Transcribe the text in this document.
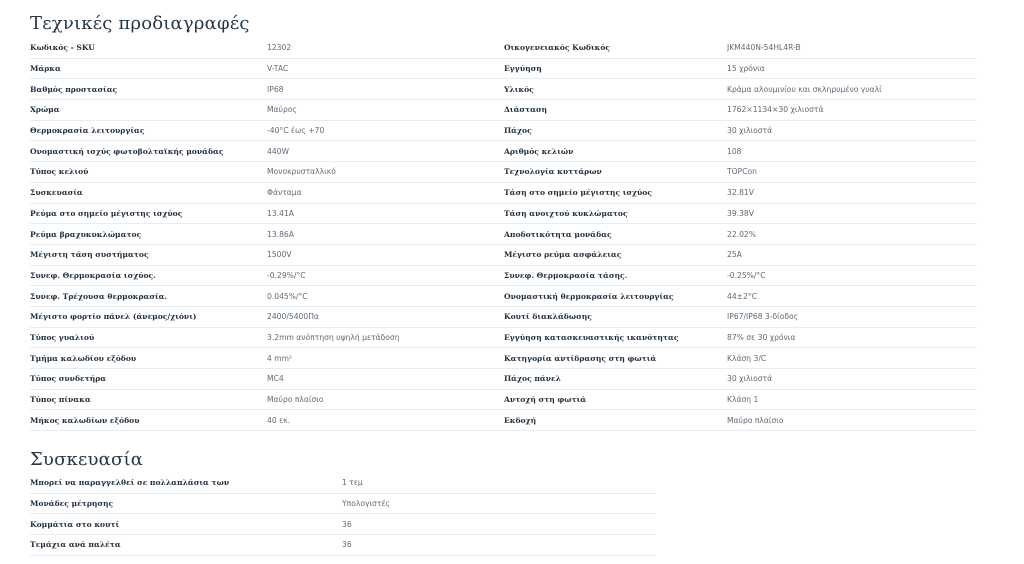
Τεχνικές προδιαγραφές
Κωδικός - SKU	12302	Οικογενειακός Κωδικός	JKM440N-54HL4R-B
Μάρκα	V-TAC	Εγγύηση	15 χρόνια
Βαθμός προστασίας	IP68	Υλικός	Κράμα αλουμινίου και σκληρυμένο γυαλί
Χρώμα	Μαύρος	Διάσταση	1762×1134×30 χιλιοστά
Θερμοκρασία λειτουργίας	-40°C έως +70	Πάχος	30 χιλιοστά
Ονομαστική ισχύς φωτοβολταϊκής μονάδας	440W	Αριθμός κελιών	108
Τύπος κελιού	Μονοκρυσταλλικό	Τεχνολογία κυττάρων	TOPCon
Συσκευασία	Φάνταμα	Τάση στο σημείο μέγιστης ισχύος	32.81V
Ρεύμα στο σημείο μέγιστης ισχύος	13.41A	Τάση ανοιχτού κυκλώματος	39.38V
Ρεύμα βραχυκυκλώματος	13.86A	Αποδοτικότητα μονάδας	22.02%
Μέγιστη τάση συστήματος	1500V	Μέγιστο ρεύμα ασφάλειας	25A
Συνεφ. Θερμοκρασία ισχύος.	-0.29%/°C	Συνεφ. Θερμοκρασία τάσης.	-0.25%/°C
Συνεφ. Τρέχουσα θερμοκρασία.	0.045%/°C	Ονομαστική θερμοκρασία λειτουργίας	44±2°C
Μέγιστο φορτίο πάνελ (άνεμος/χιόνι)	2400/5400Πα	Κουτί διακλάδωσης	IP67/IP68 3-δίοδος
Τύπος γυαλιού	3.2mm ανόπτηση υψηλή μετάδοση	Εγγύηση κατασκευαστικής ικανότητας	87% σε 30 χρόνια
Τμήμα καλωδίου εξόδου	4 mm²	Κατηγορία αντίδρασης στη φωτιά	Κλάση 3/C
Τύπος συνδετήρα	MC4	Πάχος πάνελ	30 χιλιοστά
Τύπος πίνακα	Μαύρο πλαίσιο	Αντοχή στη φωτιά	Κλάση 1
Μήκος καλωδίων εξόδου	40 εκ.	Εκδοχή	Μαύρο πλαίσιο
Συσκευασία
Μπορεί να παραγγελθεί σε πολλαπλάσια των	1 τεμ
Μονάδες μέτρησης	Υπολογιστές
Κομμάτια στο κουτί	36
Τεμάχια ανά παλέτα	36
